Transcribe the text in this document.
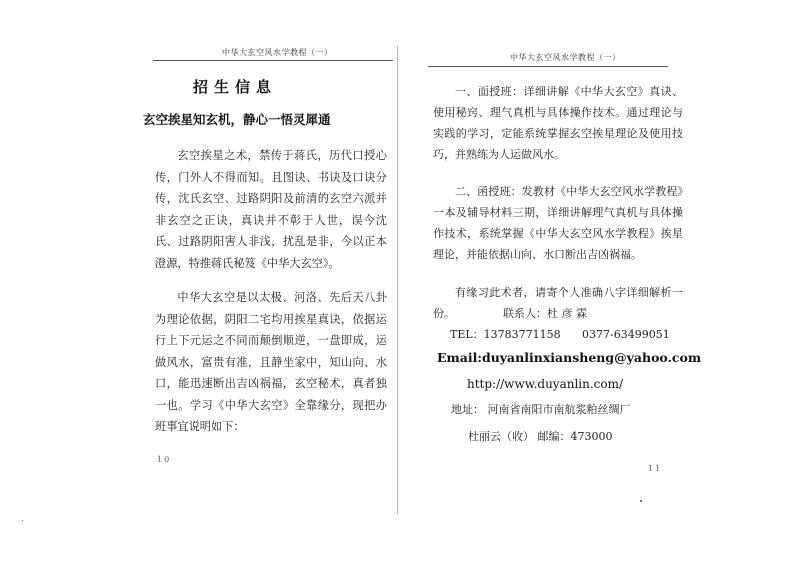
中华大玄空风水学教程（一）
招生信息
玄空挨星知玄机，静心一悟灵犀通
玄空挨星之术，禁传于蒋氏，历代口授心传，门外人不得而知。且图诀、书诀及口诀分传，沈氏玄空、过路阴阳及前清的玄空六派并非玄空之正诀，真诀并不彰于人世，误今沈氏、过路阴阳害人非浅，扰乱是非，今以正本澄源，特推蒋氏秘笈《中华大玄空》。
中华大玄空是以太极、河洛、先后天八卦为理论依据，阴阳二宅均用挨星真诀，依据运行上下元运之不同而颠倒顺逆，一盘即成，运做风水，富贵有准，且静坐家中，知山向、水口，能迅速断出吉凶祸福，玄空秘术，真者独一也。学习《中华大玄空》全靠缘分，现把办班事宜说明如下：
10
中华大玄空风水学教程（一）
11
一、面授班：详细讲解《中华大玄空》真诀、使用秘窍、理气真机与具体操作技术。通过理论与实践的学习，定能系统掌握玄空挨星理论及使用技巧，并熟练为人运做风水。
二、函授班：发教材《中华大玄空风水学教程》一本及辅导材料三期，详细讲解理气真机与具体操作技术，系统掌握《中华大玄空风水学教程》挨星理论，并能依据山向、水口断出吉凶祸福。
有缘习此术者，请寄个人准确八字详细解析一份。	联系人：杜 彦 霖
TEL：13783771158 0377-63499051
Email:duyanlinxiansheng@yahoo.com
http://www.duyanlin.com/
地址： 河南省南阳市南航浆粕丝绸厂
杜丽云（收） 邮编：473000
